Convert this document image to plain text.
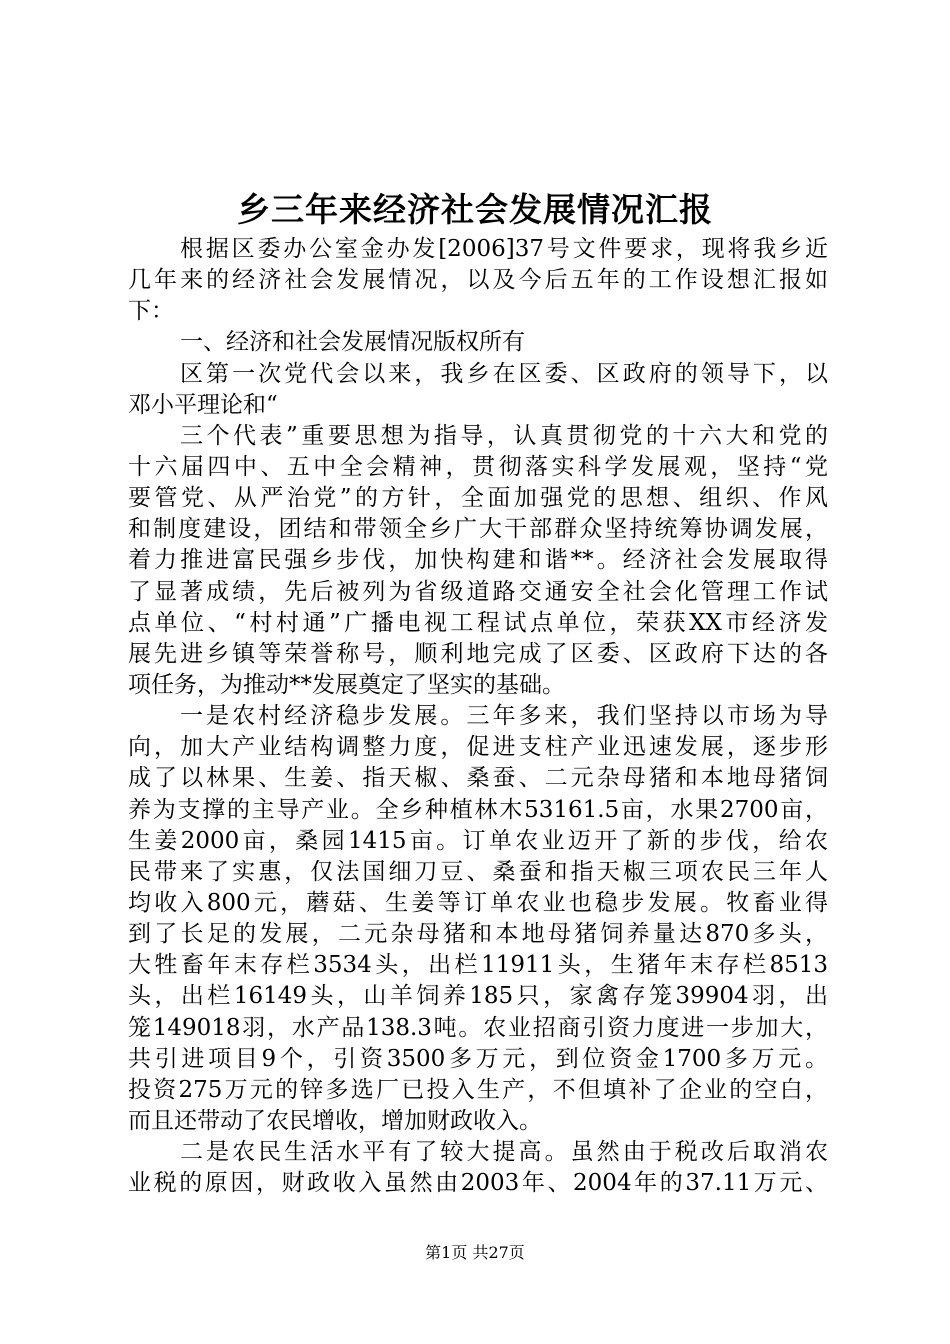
乡三年来经济社会发展情况汇报
根据区委办公室金办发[2006]37号文件要求，现将我乡近
几年来的经济社会发展情况，以及今后五年的工作设想汇报如
下：
一、经济和社会发展情况版权所有
区第一次党代会以来，我乡在区委、区政府的领导下，以
邓小平理论和“
三个代表”重要思想为指导，认真贯彻党的十六大和党的
十六届四中、五中全会精神，贯彻落实科学发展观，坚持“党
要管党、从严治党”的方针，全面加强党的思想、组织、作风
和制度建设，团结和带领全乡广大干部群众坚持统筹协调发展，
着力推进富民强乡步伐，加快构建和谐**。经济社会发展取得
了显著成绩，先后被列为省级道路交通安全社会化管理工作试
点单位、“村村通”广播电视工程试点单位，荣获XX市经济发
展先进乡镇等荣誉称号，顺利地完成了区委、区政府下达的各
项任务，为推动**发展奠定了坚实的基础。
一是农村经济稳步发展。三年多来，我们坚持以市场为导
向，加大产业结构调整力度，促进支柱产业迅速发展，逐步形
成了以林果、生姜、指天椒、桑蚕、二元杂母猪和本地母猪饲
养为支撑的主导产业。全乡种植林木53161.5亩，水果2700亩，
生姜2000亩，桑园1415亩。订单农业迈开了新的步伐，给农
民带来了实惠，仅法国细刀豆、桑蚕和指天椒三项农民三年人
均收入800元，蘑菇、生姜等订单农业也稳步发展。牧畜业得
到了长足的发展，二元杂母猪和本地母猪饲养量达870多头，
大牲畜年末存栏3534头，出栏11911头，生猪年末存栏8513
头，出栏16149头，山羊饲养185只，家禽存笼39904羽，出
笼149018羽，水产品138.3吨。农业招商引资力度进一步加大，
共引进项目9个，引资3500多万元，到位资金1700多万元。
投资275万元的锌多选厂已投入生产，不但填补了企业的空白，
而且还带动了农民增收，增加财政收入。
二是农民生活水平有了较大提高。虽然由于税改后取消农
业税的原因，财政收入虽然由2003年、2004年的37.11万元、
第1页 共27页
